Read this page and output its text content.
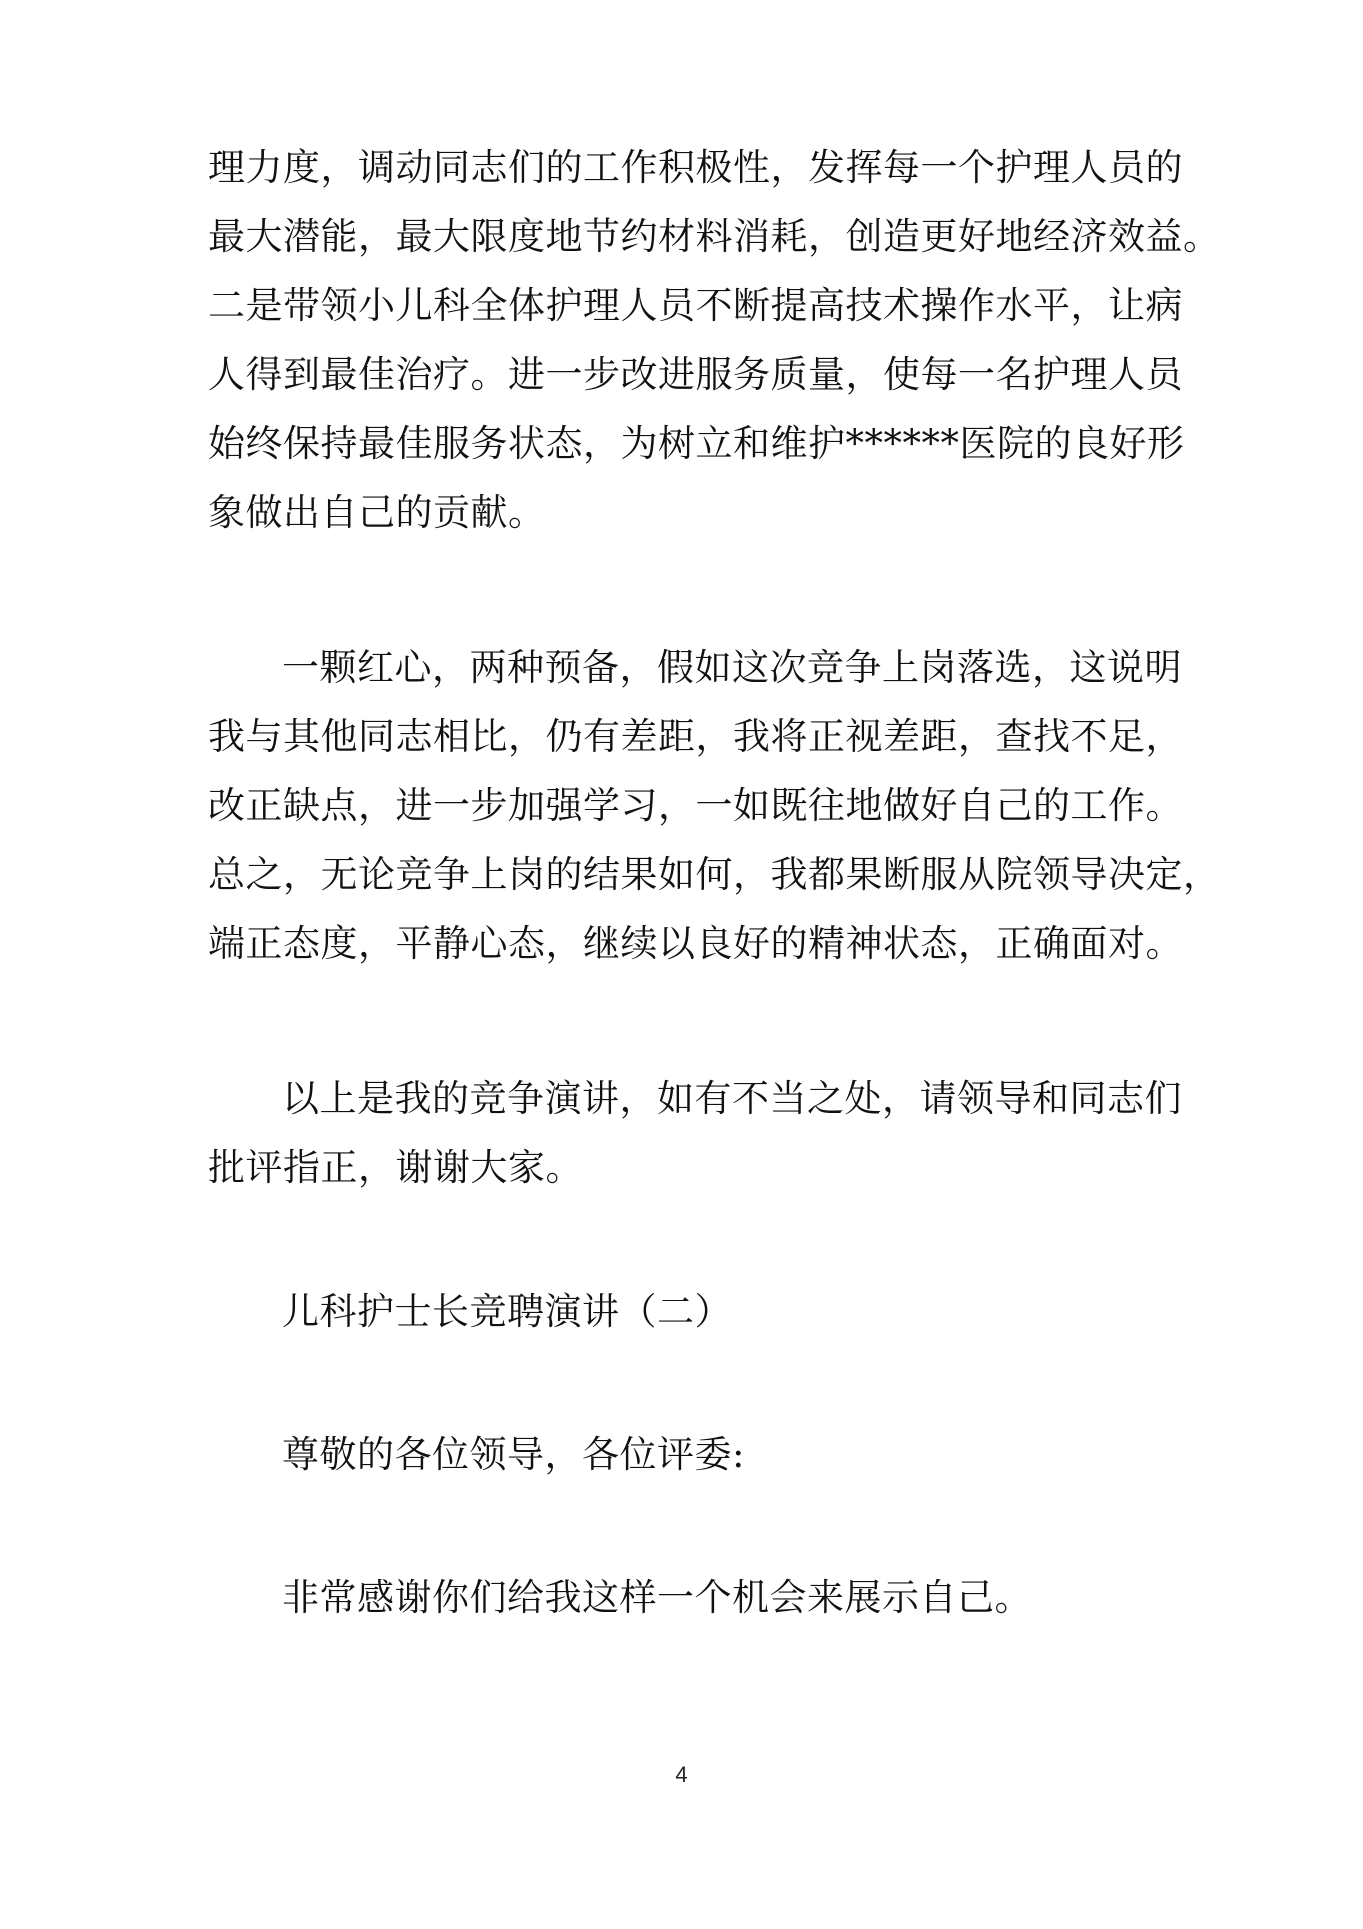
理力度，调动同志们的工作积极性，发挥每一个护理人员的
最大潜能，最大限度地节约材料消耗，创造更好地经济效益。
二是带领小儿科全体护理人员不断提高技术操作水平，让病
人得到最佳治疗。进一步改进服务质量，使每一名护理人员
始终保持最佳服务状态，为树立和维护******医院的良好形
象做出自己的贡献。
一颗红心，两种预备，假如这次竞争上岗落选，这说明
我与其他同志相比，仍有差距，我将正视差距，查找不足，
改正缺点，进一步加强学习，一如既往地做好自己的工作。
总之，无论竞争上岗的结果如何，我都果断服从院领导决定，
端正态度，平静心态，继续以良好的精神状态，正确面对。
以上是我的竞争演讲，如有不当之处，请领导和同志们
批评指正，谢谢大家。
儿科护士长竞聘演讲（二）
尊敬的各位领导，各位评委:
非常感谢你们给我这样一个机会来展示自己。
4
